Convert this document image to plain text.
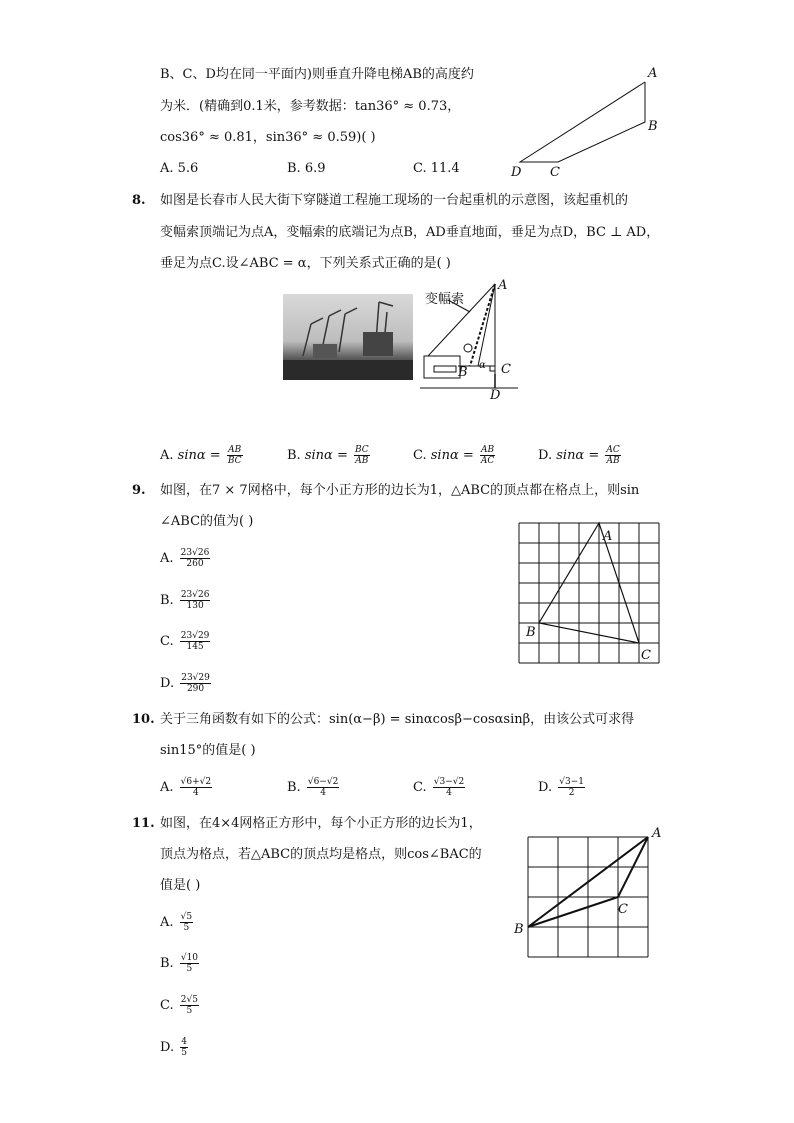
B、C、D均在同一平面内)则垂直升降电梯AB的高度约
为米．(精确到0.1米，参考数据：tan36° ≈ 0.73，
cos36° ≈ 0.81，sin36° ≈ 0.59)( )
A. 5.6	B. 6.9	C. 11.4
A
B
C
D
8. 如图是长春市人民大街下穿隧道工程施工现场的一台起重机的示意图，该起重机的
变幅索顶端记为点A，变幅索的底端记为点B，AD垂直地面，垂足为点D，BC ⊥ AD，
垂足为点C.设∠ABC = α，下列关系式正确的是( )
A
B	C
D
α
变幅索
A. $\sin\alpha = \frac{AB}{BC}$	B. $\sin\alpha = \frac{BC}{AB}$	C. $\sin\alpha = \frac{AB}{AC}$	D. $\sin\alpha = \frac{AC}{AB}$
9. 如图，在7 × 7网格中，每个小正方形的边长为1，△ABC的顶点都在格点上，则sin
∠ABC的值为( )
A. $\frac{23√26}{260}$
B. $\frac{23√26}{130}$
C. $\frac{23√29}{145}$
D. $\frac{23√29}{290}$
A
B
C
10. 关于三角函数有如下的公式：sin(α−β) = sinαcosβ−cosαsinβ，由该公式可求得
sin15°的值是( )
A. $\frac{√6+√2}{4}$	B. $\frac{√6-√2}{4}$	C. $\frac{√3-√2}{4}$	D. $\frac{√3-1}{2}$
11. 如图，在4×4网格正方形中，每个小正方形的边长为1，
顶点为格点，若△ABC的顶点均是格点，则cos∠BAC的
值是( )
A. $\frac{√5}{5}$
B. $\frac{√10}{5}$
C. $\frac{2√5}{5}$
D. $\frac{4}{5}$
A
B
C
